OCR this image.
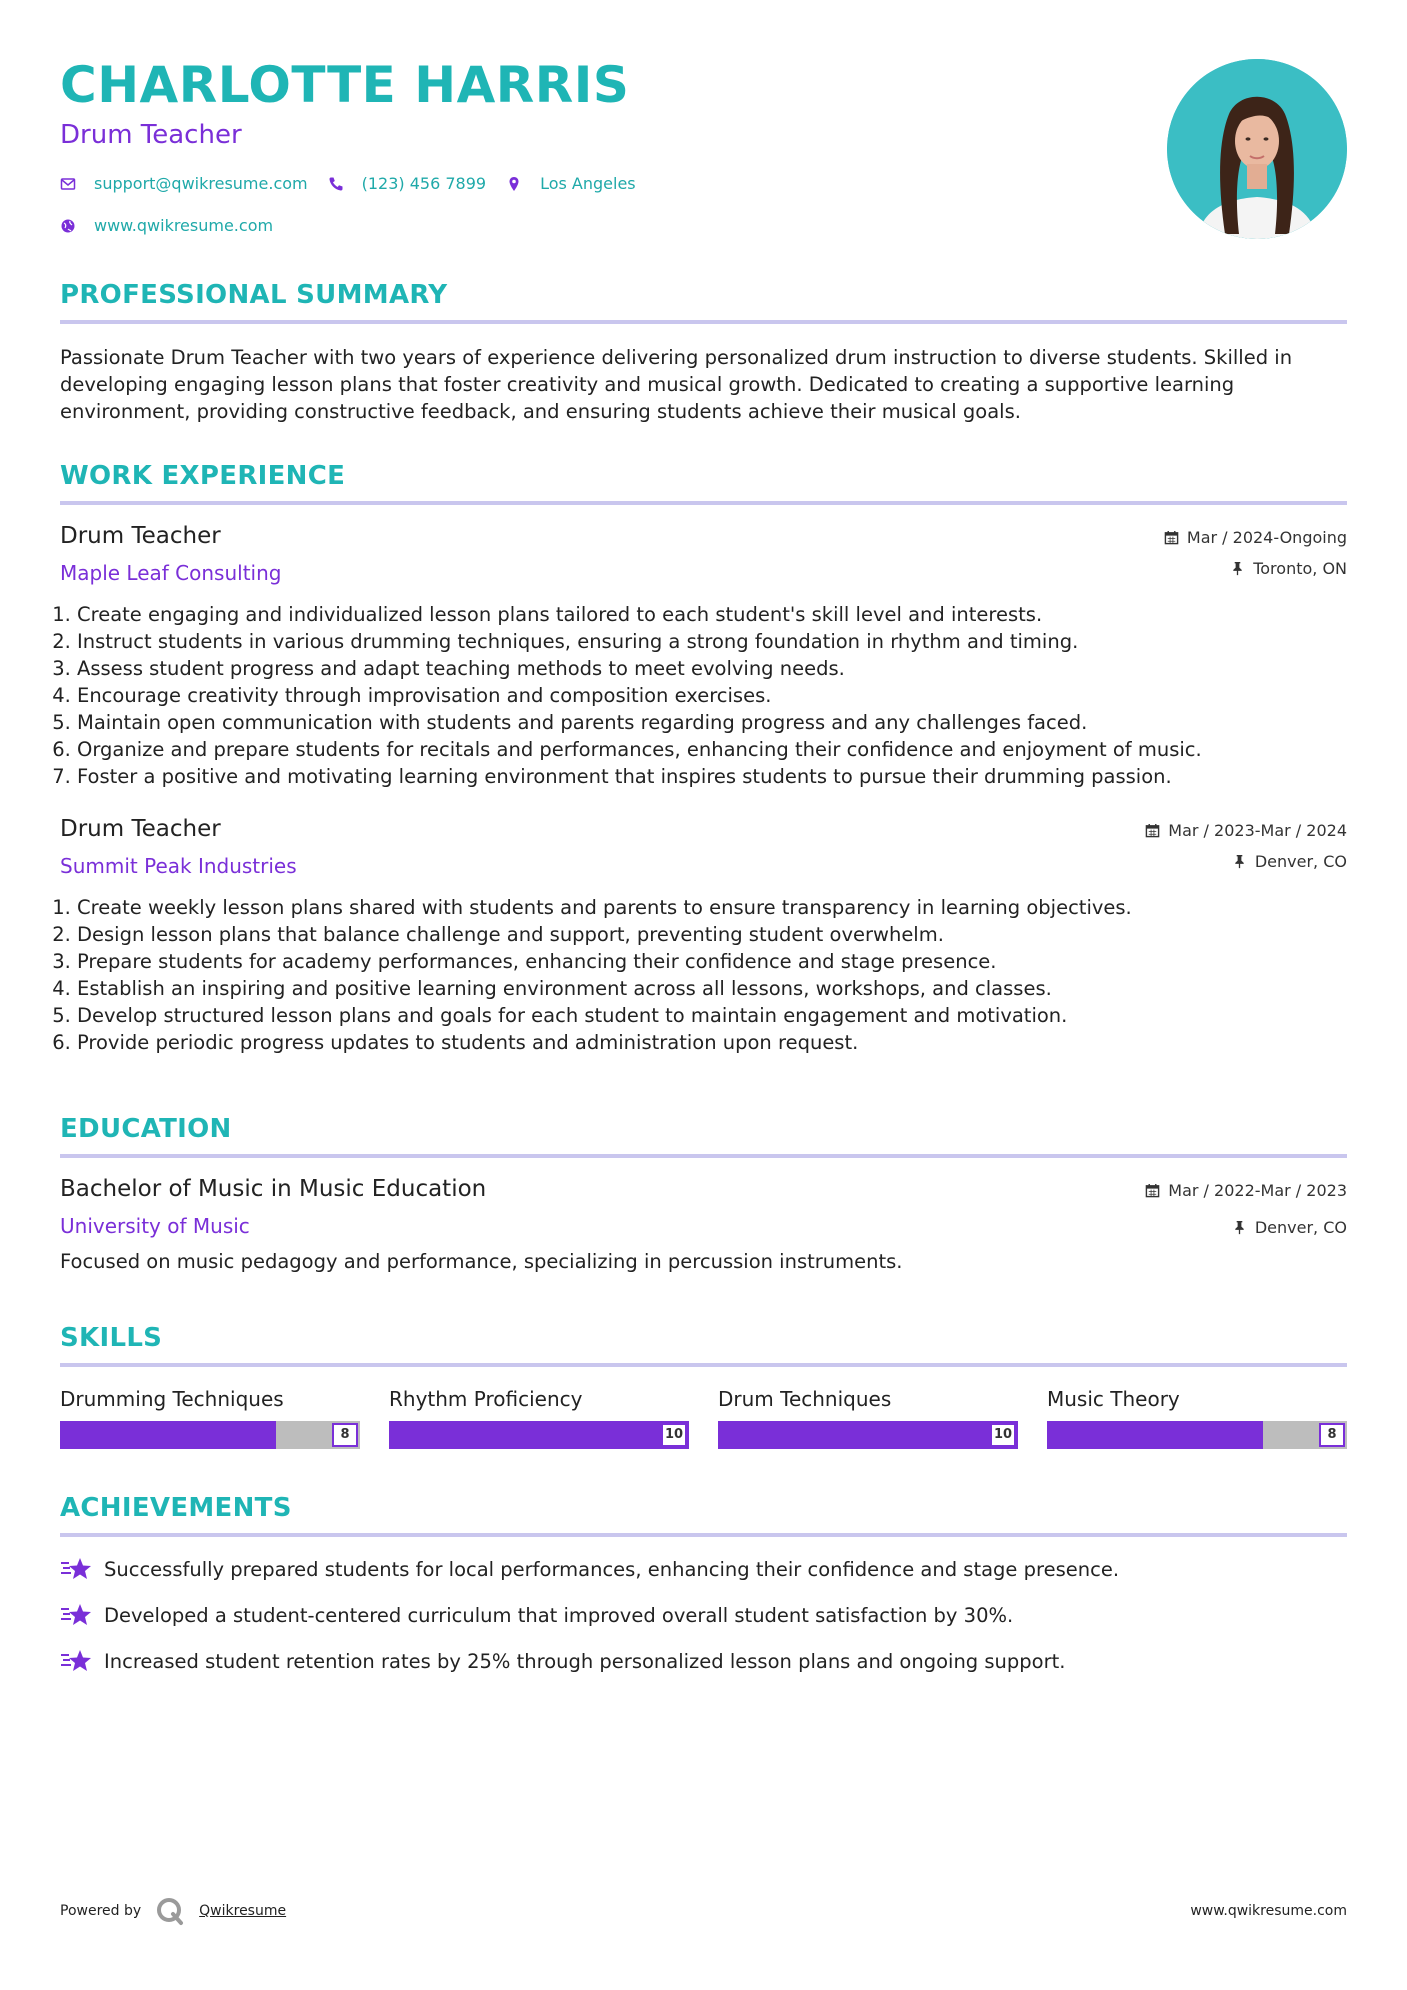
CHARLOTTE HARRIS
Drum Teacher
support@qwikresume.com	(123) 456 7899	Los Angeles
www.qwikresume.com
PROFESSIONAL SUMMARY
Passionate Drum Teacher with two years of experience delivering personalized drum instruction to diverse students. Skilled in developing engaging lesson plans that foster creativity and musical growth. Dedicated to creating a supportive learning environment, providing constructive feedback, and ensuring students achieve their musical goals.
WORK EXPERIENCE
Drum Teacher
Maple Leaf Consulting
Mar / 2024-Ongoing
Toronto, ON
1. Create engaging and individualized lesson plans tailored to each student's skill level and interests.
2. Instruct students in various drumming techniques, ensuring a strong foundation in rhythm and timing.
3. Assess student progress and adapt teaching methods to meet evolving needs.
4. Encourage creativity through improvisation and composition exercises.
5. Maintain open communication with students and parents regarding progress and any challenges faced.
6. Organize and prepare students for recitals and performances, enhancing their confidence and enjoyment of music.
7. Foster a positive and motivating learning environment that inspires students to pursue their drumming passion.
Drum Teacher
Summit Peak Industries
Mar / 2023-Mar / 2024
Denver, CO
1. Create weekly lesson plans shared with students and parents to ensure transparency in learning objectives.
2. Design lesson plans that balance challenge and support, preventing student overwhelm.
3. Prepare students for academy performances, enhancing their confidence and stage presence.
4. Establish an inspiring and positive learning environment across all lessons, workshops, and classes.
5. Develop structured lesson plans and goals for each student to maintain engagement and motivation.
6. Provide periodic progress updates to students and administration upon request.
EDUCATION
Bachelor of Music in Music Education
University of Music
Mar / 2022-Mar / 2023
Denver, CO
Focused on music pedagogy and performance, specializing in percussion instruments.
SKILLS
Drumming Techniques
8
Rhythm Proficiency
10
Drum Techniques
10
Music Theory
8
ACHIEVEMENTS
Successfully prepared students for local performances, enhancing their confidence and stage presence.
Developed a student-centered curriculum that improved overall student satisfaction by 30%.
Increased student retention rates by 25% through personalized lesson plans and ongoing support.
Powered by	Qwikresume	www.qwikresume.com
